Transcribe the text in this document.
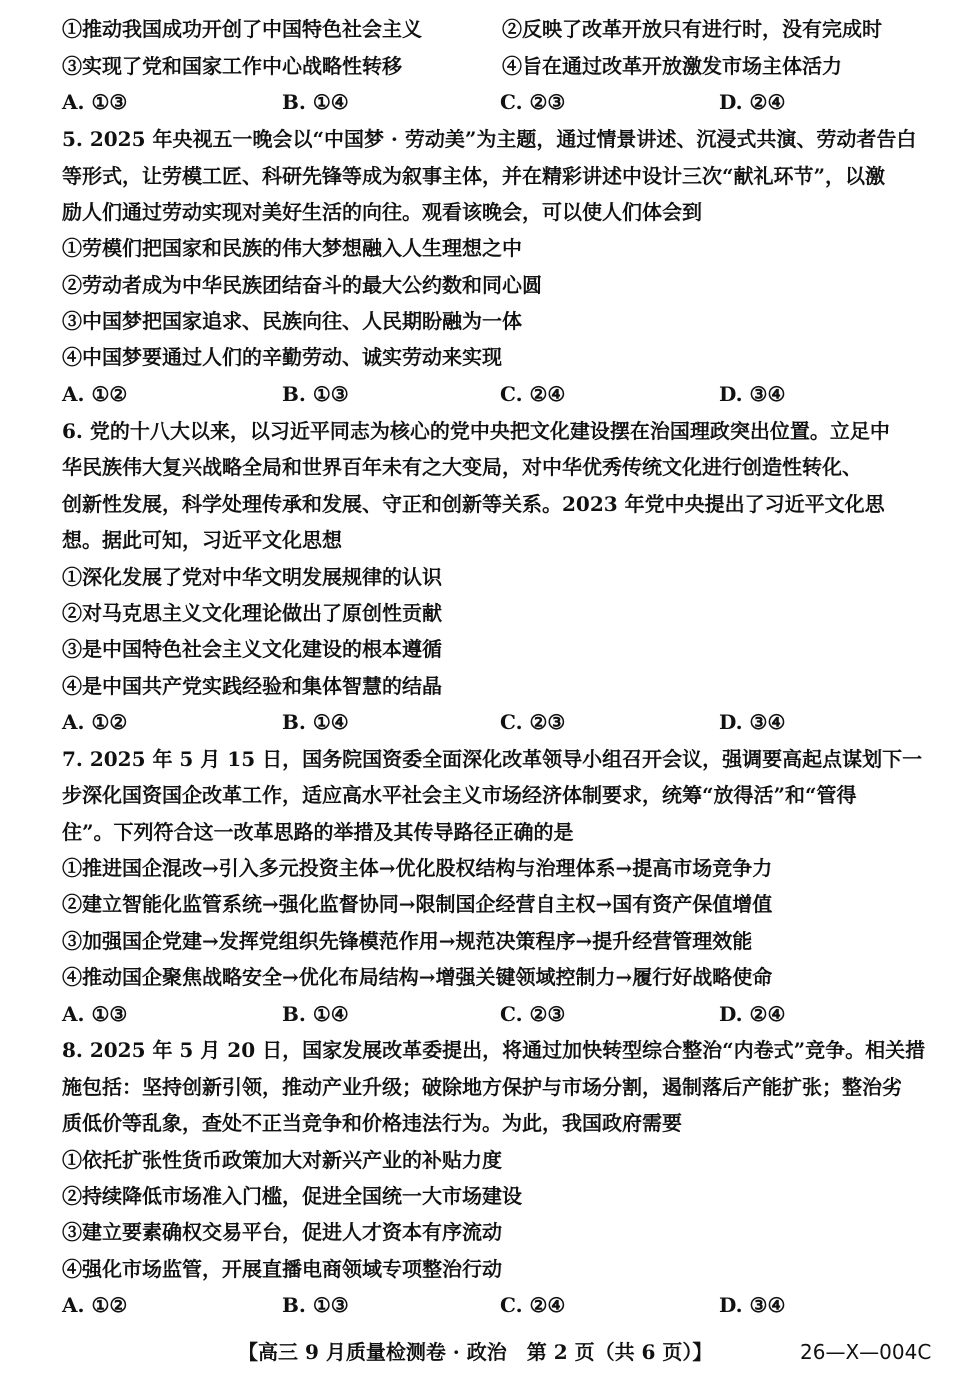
①推动我国成功开创了中国特色社会主义	②反映了改革开放只有进行时，没有完成时
③实现了党和国家工作中心战略性转移	④旨在通过改革开放激发市场主体活力
A. ①③	B. ①④	C. ②③	D. ②④
5. 2025 年央视五一晚会以“中国梦 · 劳动美”为主题，通过情景讲述、沉浸式共演、劳动者告白
等形式，让劳模工匠、科研先锋等成为叙事主体，并在精彩讲述中设计三次“献礼环节”，以激
励人们通过劳动实现对美好生活的向往。观看该晚会，可以使人们体会到
①劳模们把国家和民族的伟大梦想融入人生理想之中
②劳动者成为中华民族团结奋斗的最大公约数和同心圆
③中国梦把国家追求、民族向往、人民期盼融为一体
④中国梦要通过人们的辛勤劳动、诚实劳动来实现
A. ①②	B. ①③	C. ②④	D. ③④
6. 党的十八大以来，以习近平同志为核心的党中央把文化建设摆在治国理政突出位置。立足中
华民族伟大复兴战略全局和世界百年未有之大变局，对中华优秀传统文化进行创造性转化、
创新性发展，科学处理传承和发展、守正和创新等关系。2023 年党中央提出了习近平文化思
想。据此可知，习近平文化思想
①深化发展了党对中华文明发展规律的认识
②对马克思主义文化理论做出了原创性贡献
③是中国特色社会主义文化建设的根本遵循
④是中国共产党实践经验和集体智慧的结晶
A. ①②	B. ①④	C. ②③	D. ③④
7. 2025 年 5 月 15 日，国务院国资委全面深化改革领导小组召开会议，强调要高起点谋划下一
步深化国资国企改革工作，适应高水平社会主义市场经济体制要求，统筹“放得活”和“管得
住”。下列符合这一改革思路的举措及其传导路径正确的是
①推进国企混改→引入多元投资主体→优化股权结构与治理体系→提高市场竞争力
②建立智能化监管系统→强化监督协同→限制国企经营自主权→国有资产保值增值
③加强国企党建→发挥党组织先锋模范作用→规范决策程序→提升经营管理效能
④推动国企聚焦战略安全→优化布局结构→增强关键领域控制力→履行好战略使命
A. ①③	B. ①④	C. ②③	D. ②④
8. 2025 年 5 月 20 日，国家发展改革委提出，将通过加快转型综合整治“内卷式”竞争。相关措
施包括：坚持创新引领，推动产业升级；破除地方保护与市场分割，遏制落后产能扩张；整治劣
质低价等乱象，查处不正当竞争和价格违法行为。为此，我国政府需要
①依托扩张性货币政策加大对新兴产业的补贴力度
②持续降低市场准入门槛，促进全国统一大市场建设
③建立要素确权交易平台，促进人才资本有序流动
④强化市场监管，开展直播电商领域专项整治行动
A. ①②	B. ①③	C. ②④	D. ③④
【高三 9 月质量检测卷 · 政治　第 2 页（共 6 页）】	26—X—004C
